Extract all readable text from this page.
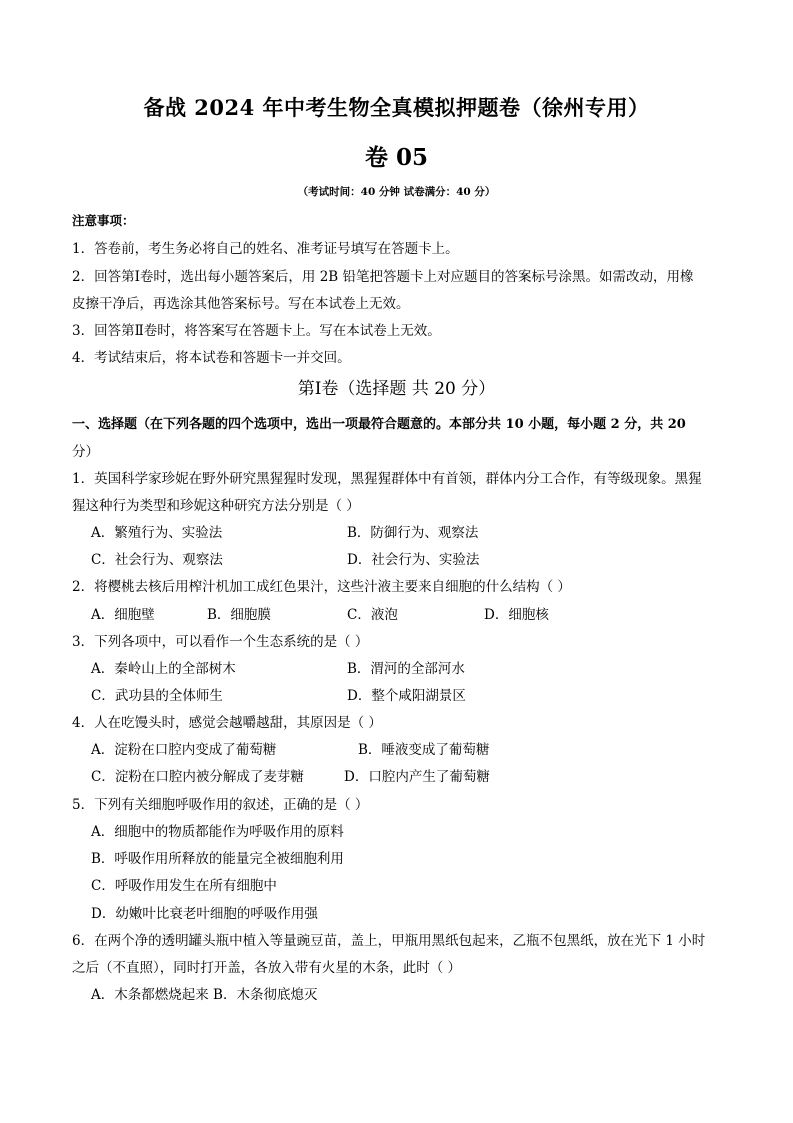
备战 2024 年中考生物全真模拟押题卷（徐州专用）
卷 05
（考试时间：40 分钟 试卷满分：40 分）
注意事项：
1．答卷前，考生务必将自己的姓名、准考证号填写在答题卡上。
2．回答第Ⅰ卷时，选出每小题答案后，用 2B 铅笔把答题卡上对应题目的答案标号涂黑。如需改动，用橡
皮擦干净后，再选涂其他答案标号。写在本试卷上无效。
3．回答第Ⅱ卷时，将答案写在答题卡上。写在本试卷上无效。
4．考试结束后，将本试卷和答题卡一并交回。
第Ⅰ卷（选择题 共 20 分）
一、选择题（在下列各题的四个选项中，选出一项最符合题意的。本部分共 10 小题，每小题 2 分，共 20
分）
1．英国科学家珍妮在野外研究黑猩猩时发现，黑猩猩群体中有首领，群体内分工合作，有等级现象。黑猩
猩这种行为类型和珍妮这种研究方法分别是（ ）
A．繁殖行为、实验法	B．防御行为、观察法
C．社会行为、观察法	D．社会行为、实验法
2．将樱桃去核后用榨汁机加工成红色果汁，这些汁液主要来自细胞的什么结构（ ）
A．细胞壁	B．细胞膜	C．液泡	D．细胞核
3．下列各项中，可以看作一个生态系统的是（ ）
A．秦岭山上的全部树木	B．渭河的全部河水
C．武功县的全体师生	D．整个咸阳湖景区
4．人在吃馒头时，感觉会越嚼越甜，其原因是（ ）
A．淀粉在口腔内变成了葡萄糖	B．唾液变成了葡萄糖
C．淀粉在口腔内被分解成了麦芽糖	D．口腔内产生了葡萄糖
5．下列有关细胞呼吸作用的叙述，正确的是（ ）
A．细胞中的物质都能作为呼吸作用的原料
B．呼吸作用所释放的能量完全被细胞利用
C．呼吸作用发生在所有细胞中
D．幼嫩叶比衰老叶细胞的呼吸作用强
6．在两个净的透明罐头瓶中植入等量豌豆苗，盖上，甲瓶用黑纸包起来，乙瓶不包黑纸，放在光下 1 小时
之后（不直照），同时打开盖，各放入带有火星的木条，此时（ ）
A．木条都燃烧起来 B．木条彻底熄灭
